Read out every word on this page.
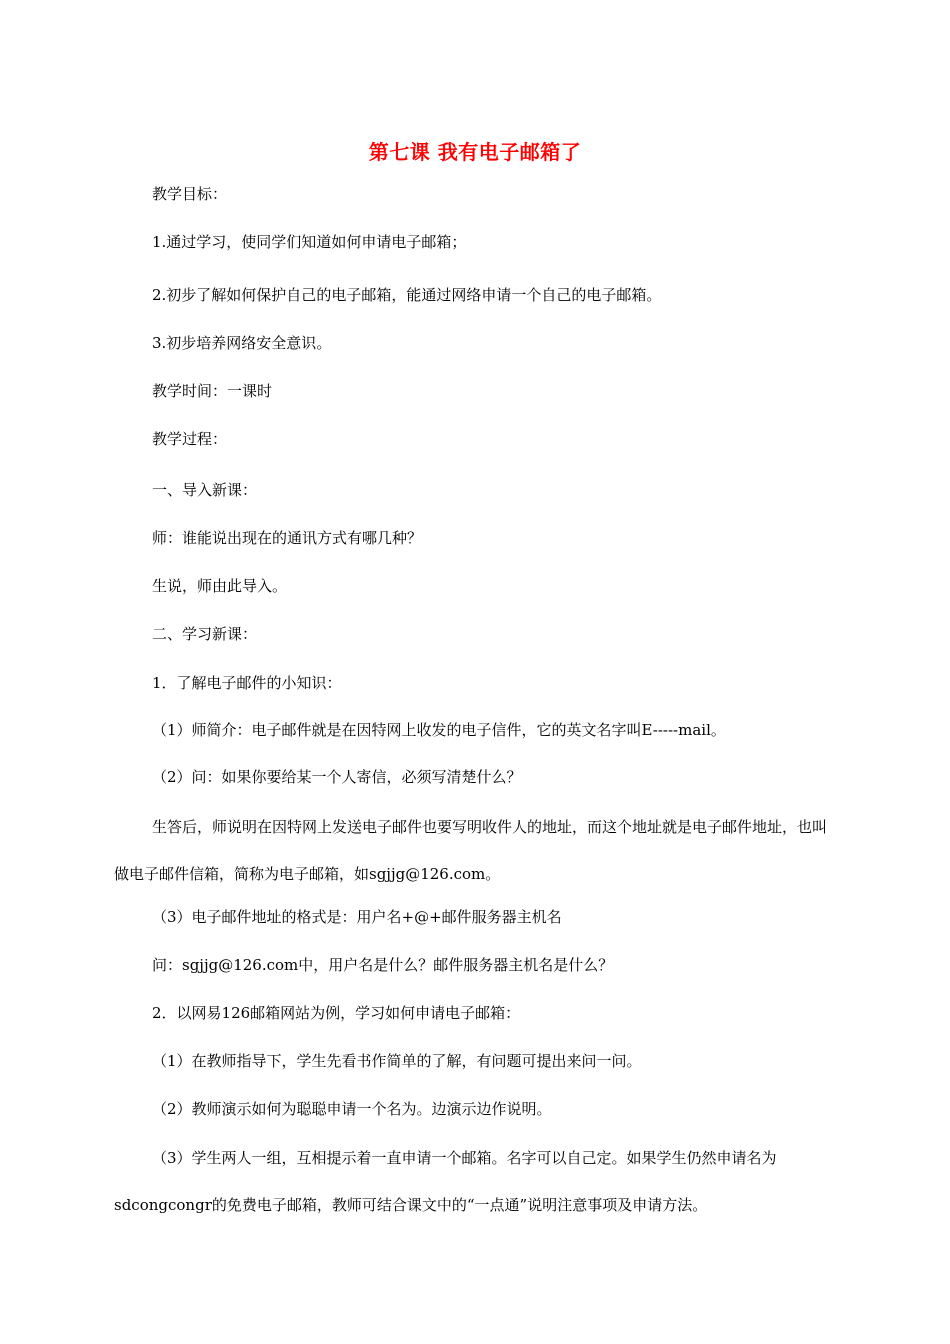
第七课 我有电子邮箱了
教学目标：
1.通过学习，使同学们知道如何申请电子邮箱；
2.初步了解如何保护自己的电子邮箱，能通过网络申请一个自己的电子邮箱。
3.初步培养网络安全意识。
教学时间：一课时
教学过程：
一、导入新课：
师：谁能说出现在的通讯方式有哪几种？
生说，师由此导入。
二、学习新课：
1．了解电子邮件的小知识：
（1）师简介：电子邮件就是在因特网上收发的电子信件，它的英文名字叫E-----mail。
（2）问：如果你要给某一个人寄信，必须写清楚什么？
生答后，师说明在因特网上发送电子邮件也要写明收件人的地址，而这个地址就是电子邮件地址，也叫做电子邮件信箱，简称为电子邮箱，如sgjjg@126.com。
（3）电子邮件地址的格式是：用户名+@+邮件服务器主机名
问：sgjjg@126.com中，用户名是什么？邮件服务器主机名是什么？
2．以网易126邮箱网站为例，学习如何申请电子邮箱：
（1）在教师指导下，学生先看书作简单的了解，有问题可提出来问一问。
（2）教师演示如何为聪聪申请一个名为。边演示边作说明。
（3）学生两人一组，互相提示着一直申请一个邮箱。名字可以自己定。如果学生仍然申请名为sdcongcongr的免费电子邮箱，教师可结合课文中的“一点通”说明注意事项及申请方法。
